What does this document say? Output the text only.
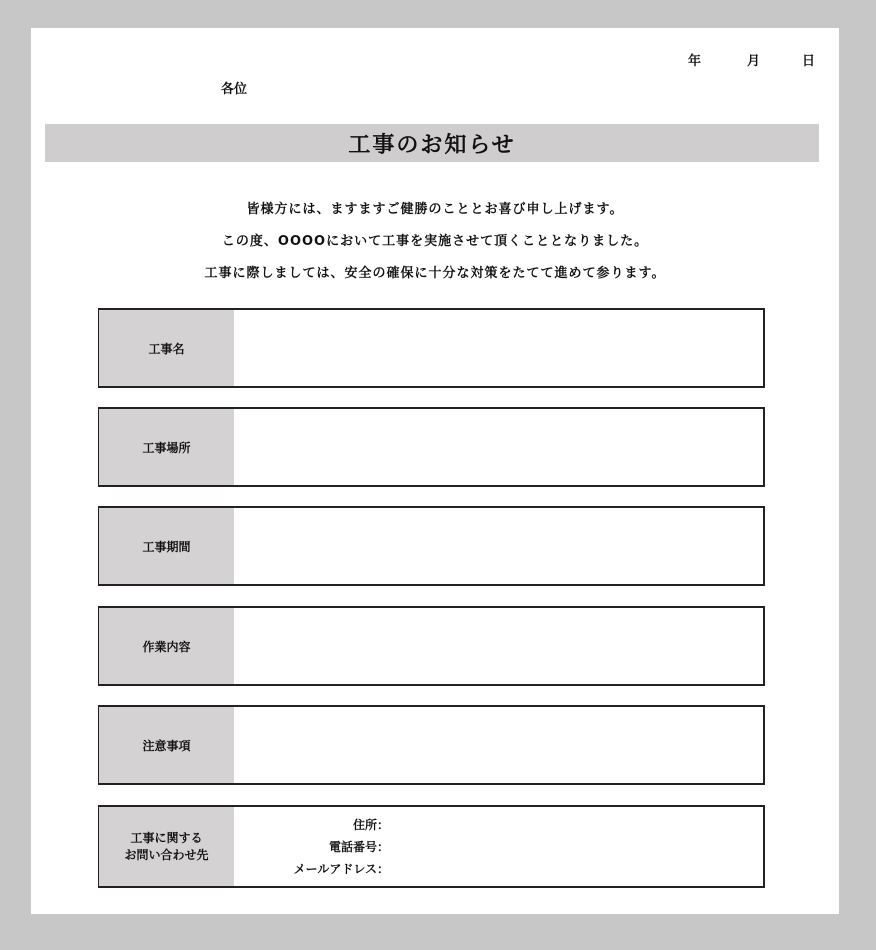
年	月	日
各位
工事のお知らせ
皆様方には、ますますご健勝のこととお喜び申し上げます。
この度、OOOOにおいて工事を実施させて頂くこととなりました。
工事に際しましては、安全の確保に十分な対策をたてて進めて参ります。
工事名
工事場所
工事期間
作業内容
注意事項
工事に関する
お問い合わせ先
住所：
電話番号：
メールアドレス：
